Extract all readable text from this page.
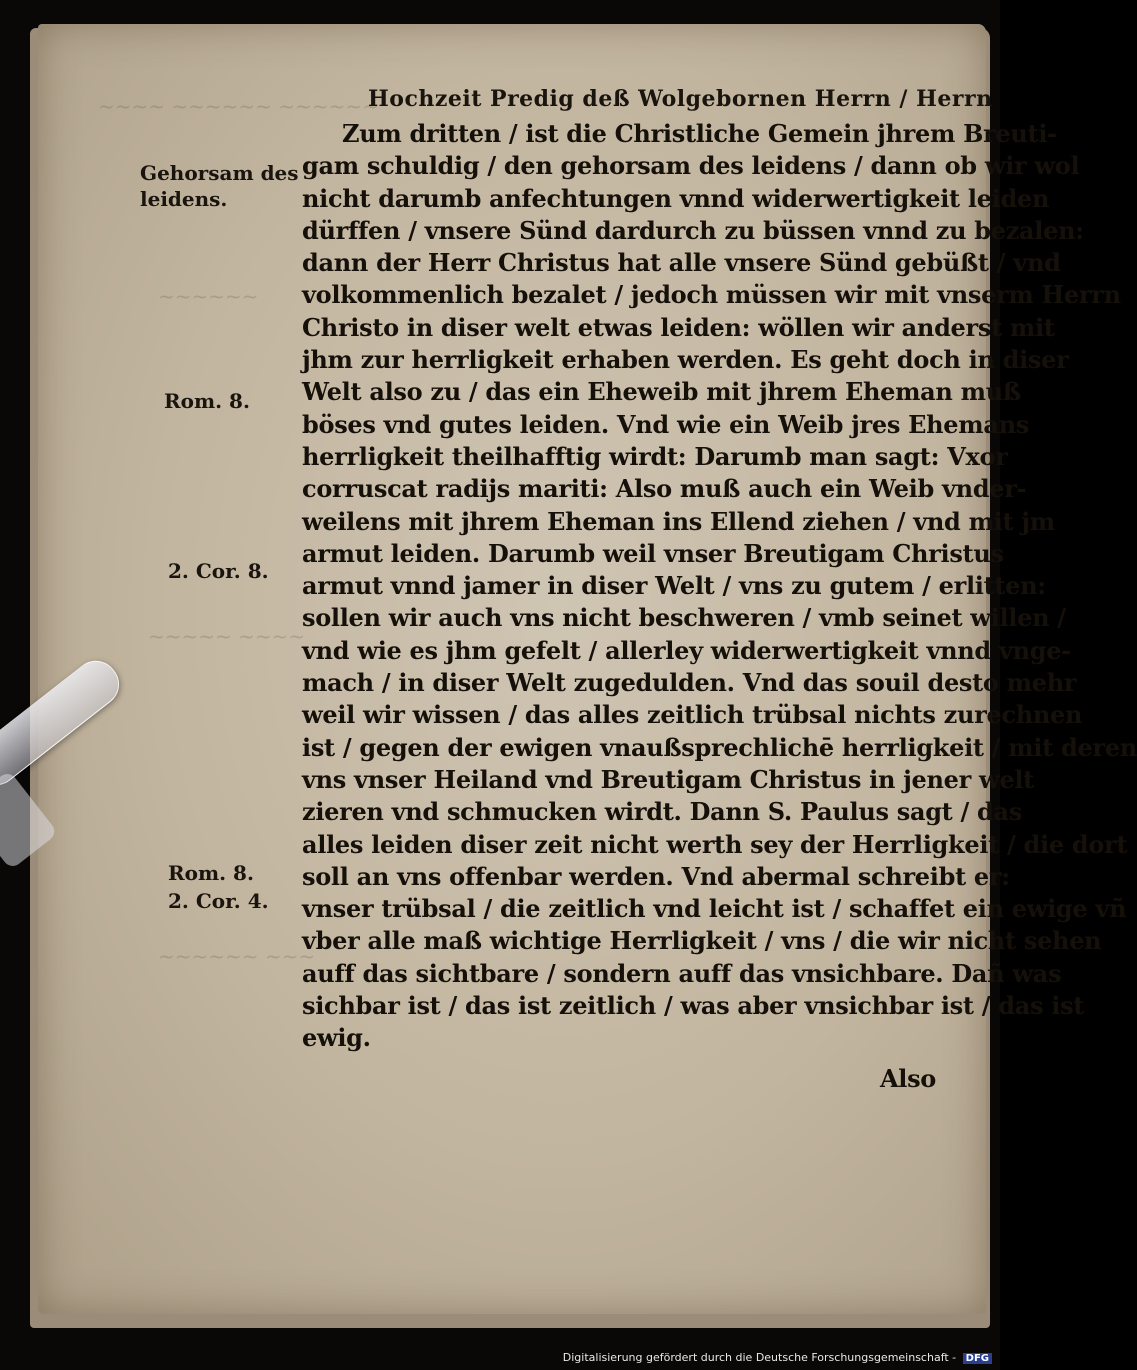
~~~~ ~~~~~~ ~~~~~~
~~~~~~
~~~~~ ~~~~
~~~~~~ ~~~
Hochzeit Predig deß Wolgebornen Herrn / Herrn
Gehorsam des
leidens.
Rom. 8.
2. Cor. 8.
Rom. 8.
2. Cor. 4.
Zum dritten / ist die Christliche Gemein jhrem Breuti-
gam schuldig / den gehorsam des leidens / dann ob wir wol
nicht darumb anfechtungen vnnd widerwertigkeit leiden
dürffen / vnsere Sünd dardurch zu büssen vnnd zu bezalen:
dann der Herr Christus hat alle vnsere Sünd gebüßt / vnd
volkommenlich bezalet / jedoch müssen wir mit vnserm Herrn
Christo in diser welt etwas leiden: wöllen wir anderst mit
jhm zur herrligkeit erhaben werden. Es geht doch in diser
Welt also zu / das ein Eheweib mit jhrem Eheman muß
böses vnd gutes leiden. Vnd wie ein Weib jres Ehemans
herrligkeit theilhafftig wirdt: Darumb man sagt: Vxor
corruscat radijs mariti: Also muß auch ein Weib vnder-
weilens mit jhrem Eheman ins Ellend ziehen / vnd mit jm
armut leiden. Darumb weil vnser Breutigam Christus
armut vnnd jamer in diser Welt / vns zu gutem / erlitten:
sollen wir auch vns nicht beschweren / vmb seinet willen /
vnd wie es jhm gefelt / allerley widerwertigkeit vnnd vnge-
mach / in diser Welt zugedulden. Vnd das souil desto mehr
weil wir wissen / das alles zeitlich trübsal nichts zurechnen
ist / gegen der ewigen vnaußsprechlichē herrligkeit / mit deren
vns vnser Heiland vnd Breutigam Christus in jener welt
zieren vnd schmucken wirdt. Dann S. Paulus sagt / das
alles leiden diser zeit nicht werth sey der Herrligkeit / die dort
soll an vns offenbar werden. Vnd abermal schreibt er:
vnser trübsal / die zeitlich vnd leicht ist / schaffet ein ewige vñ
vber alle maß wichtige Herrligkeit / vns / die wir nicht sehen
auff das sichtbare / sondern auff das vnsichbare. Dañ was
sichbar ist / das ist zeitlich / was aber vnsichbar ist / das ist
ewig.
Also
Digitalisierung gefördert durch die Deutsche Forschungsgemeinschaft - DFG
